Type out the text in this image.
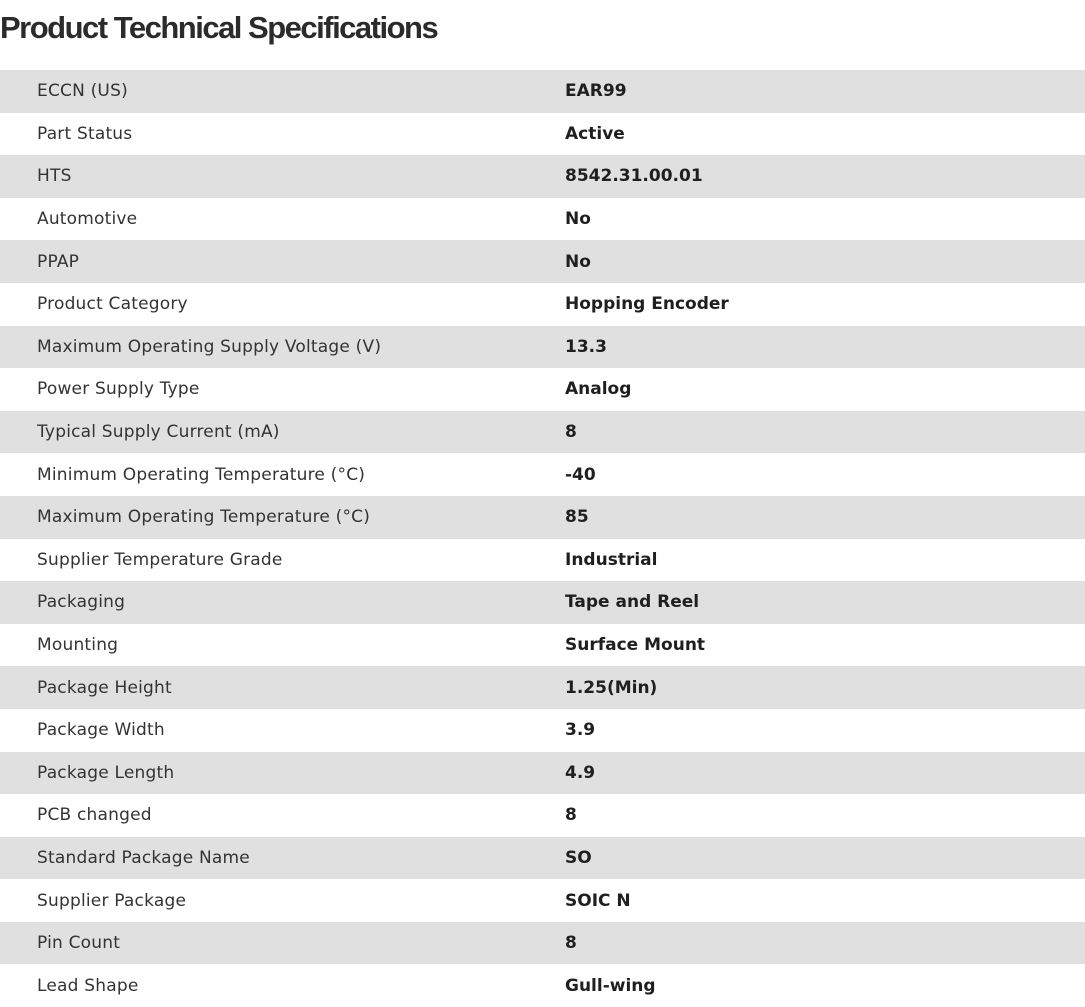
Product Technical Specifications
ECCN (US)	EAR99
Part Status	Active
HTS	8542.31.00.01
Automotive	No
PPAP	No
Product Category	Hopping Encoder
Maximum Operating Supply Voltage (V)	13.3
Power Supply Type	Analog
Typical Supply Current (mA)	8
Minimum Operating Temperature (°C)	-40
Maximum Operating Temperature (°C)	85
Supplier Temperature Grade	Industrial
Packaging	Tape and Reel
Mounting	Surface Mount
Package Height	1.25(Min)
Package Width	3.9
Package Length	4.9
PCB changed	8
Standard Package Name	SO
Supplier Package	SOIC N
Pin Count	8
Lead Shape	Gull-wing
